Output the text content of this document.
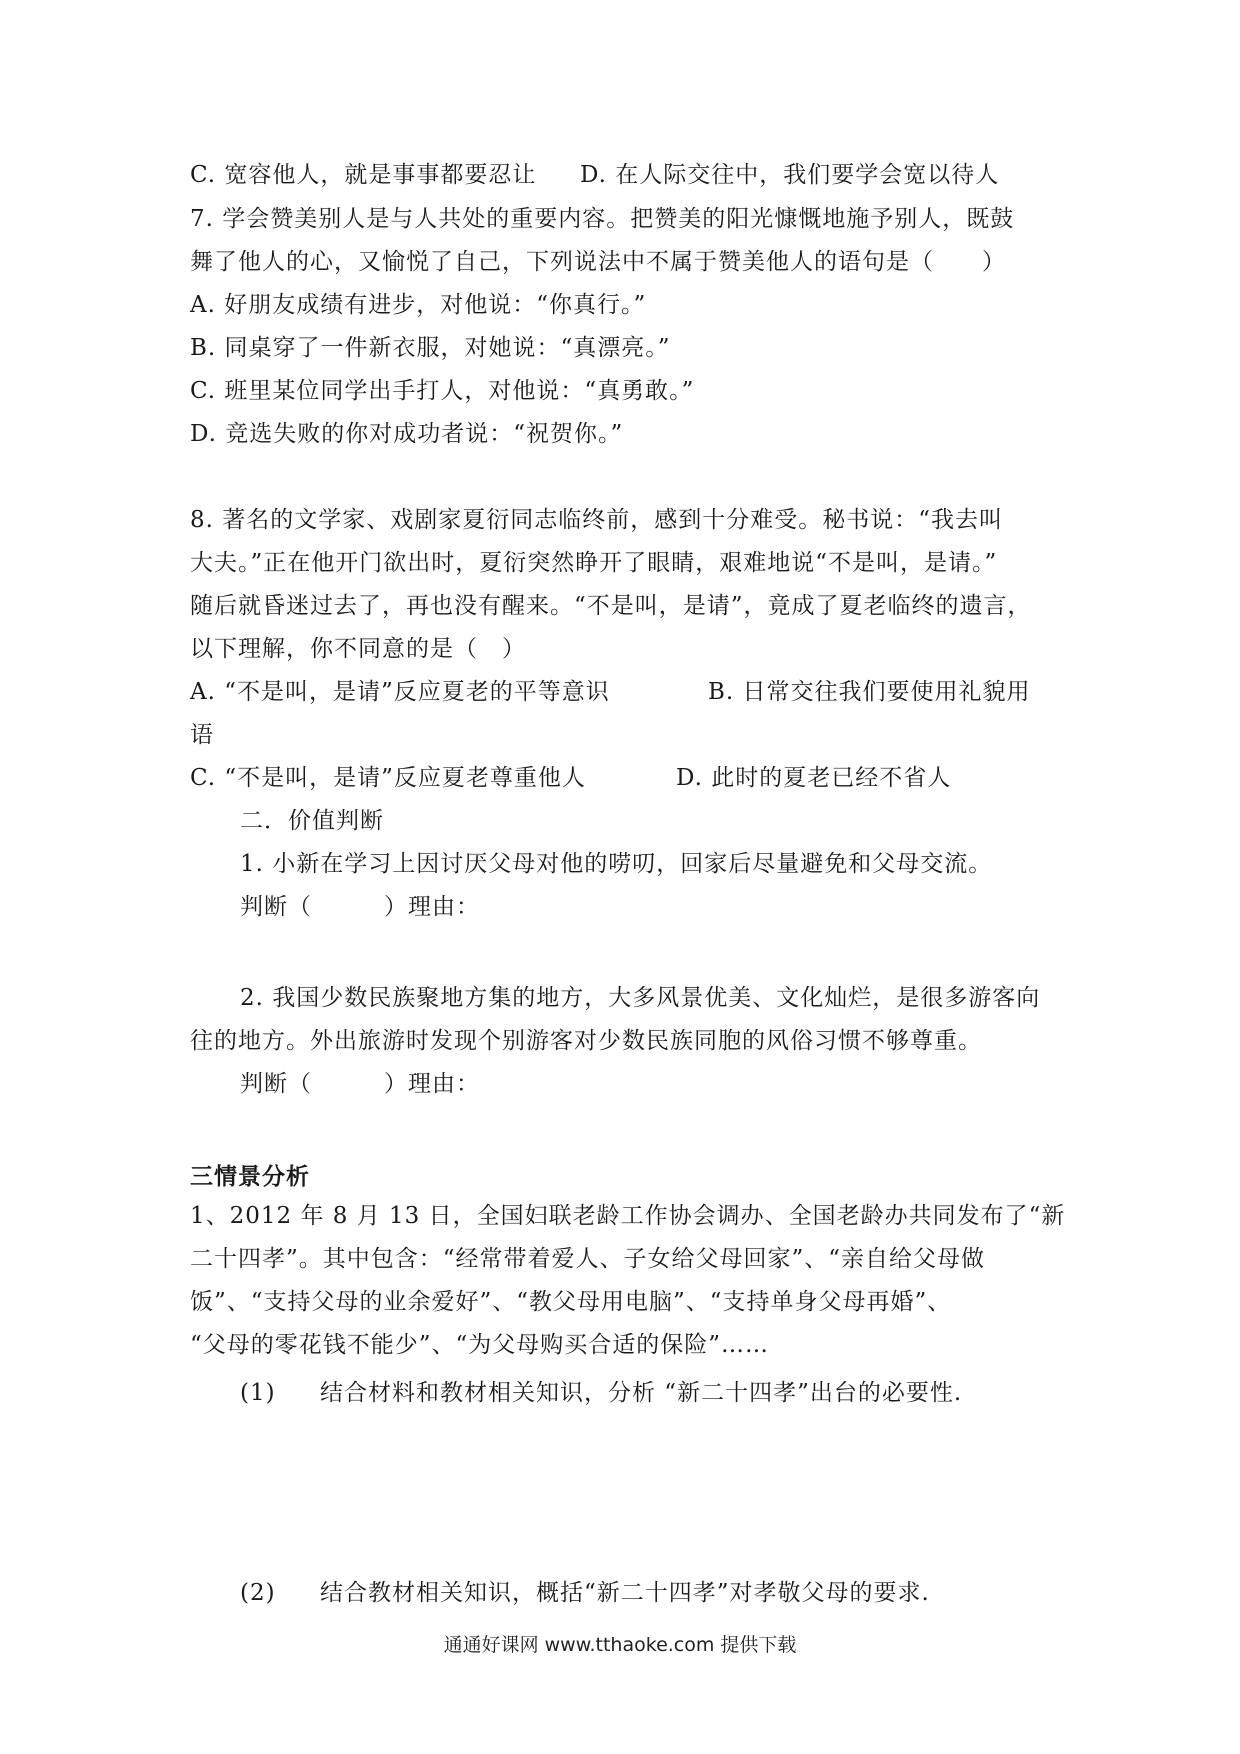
C. 宽容他人，就是事事都要忍让 D. 在人际交往中，我们要学会宽以待人
7. 学会赞美别人是与人共处的重要内容。把赞美的阳光慷慨地施予别人，既鼓
舞了他人的心，又愉悦了自己，下列说法中不属于赞美他人的语句是（　　）
A. 好朋友成绩有进步，对他说：“你真行。”
B. 同桌穿了一件新衣服，对她说：“真漂亮。”
C. 班里某位同学出手打人，对他说：“真勇敢。”
D. 竞选失败的你对成功者说：“祝贺你。”
8. 著名的文学家、戏剧家夏衍同志临终前，感到十分难受。秘书说：“我去叫
大夫。”正在他开门欲出时，夏衍突然睁开了眼睛，艰难地说“不是叫，是请。”
随后就昏迷过去了，再也没有醒来。“不是叫，是请”，竟成了夏老临终的遗言，
以下理解，你不同意的是（　）
A. “不是叫，是请”反应夏老的平等意识	B. 日常交往我们要使用礼貌用
语
C. “不是叫，是请”反应夏老尊重他人	D. 此时的夏老已经不省人
二．价值判断
1. 小新在学习上因讨厌父母对他的唠叨，回家后尽量避免和父母交流。
判断（　　　）理由：
2. 我国少数民族聚地方集的地方，大多风景优美、文化灿烂，是很多游客向
往的地方。外出旅游时发现个别游客对少数民族同胞的风俗习惯不够尊重。
判断（　　　）理由：
三情景分析
1、2012 年 8 月 13 日，全国妇联老龄工作协会调办、全国老龄办共同发布了“新
二十四孝”。其中包含：“经常带着爱人、子女给父母回家”、“亲自给父母做
饭”、“支持父母的业余爱好”、“教父母用电脑”、“支持单身父母再婚”、
“父母的零花钱不能少”、“为父母购买合适的保险”……
(1) 结合材料和教材相关知识，分析 “新二十四孝”出台的必要性.
(2) 结合教材相关知识，概括“新二十四孝”对孝敬父母的要求.
通通好课网 www.tthaoke.com 提供下载
